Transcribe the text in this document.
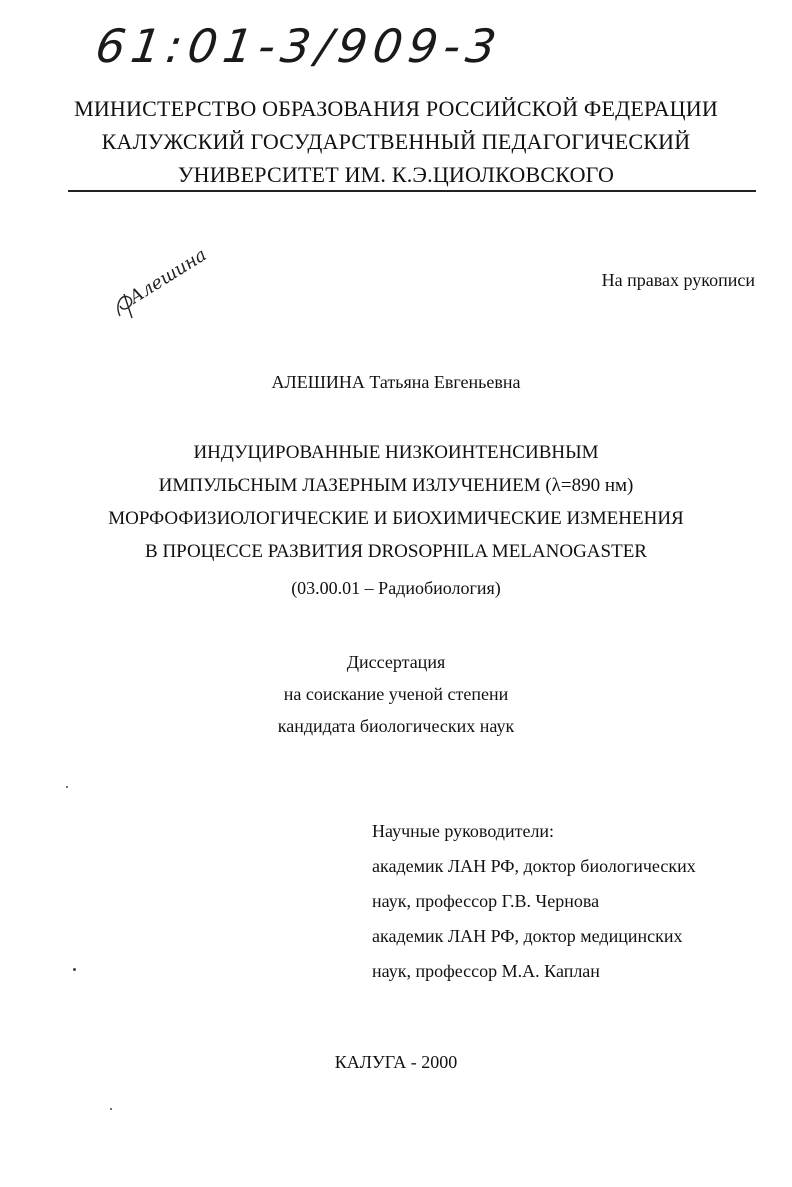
61:01-3/909-3
МИНИСТЕРСТВО ОБРАЗОВАНИЯ РОССИЙСКОЙ ФЕДЕРАЦИИ
КАЛУЖСКИЙ ГОСУДАРСТВЕННЫЙ ПЕДАГОГИЧЕСКИЙ
УНИВЕРСИТЕТ ИМ. К.Э.ЦИОЛКОВСКОГО
Алешина	На правах рукописи
АЛЕШИНА Татьяна Евгеньевна
ИНДУЦИРОВАННЫЕ НИЗКОИНТЕНСИВНЫМ
ИМПУЛЬСНЫМ ЛАЗЕРНЫМ ИЗЛУЧЕНИЕМ (λ=890 нм)
МОРФОФИЗИОЛОГИЧЕСКИЕ И БИОХИМИЧЕСКИЕ ИЗМЕНЕНИЯ
В ПРОЦЕССЕ РАЗВИТИЯ DROSOPHILA MELANOGASTER
(03.00.01 – Радиобиология)
Диссертация
на соискание ученой степени
кандидата биологических наук
Научные руководители:
академик ЛАН РФ, доктор биологических
наук, профессор Г.В. Чернова
академик ЛАН РФ, доктор медицинских
наук, профессор М.А. Каплан
КАЛУГА - 2000
